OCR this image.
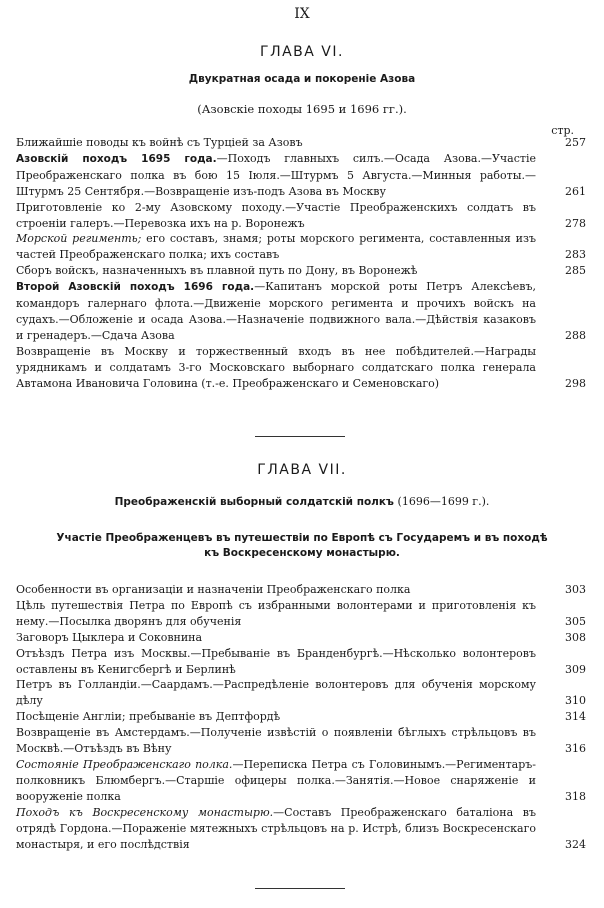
IX
ГЛАВА VI.
Двукратная осада и покореніе Азова
(Азовскіе походы 1695 и 1696 гг.).
стр.
Ближайшіе поводы къ войнѣ съ Турціей за Азовъ	257
Азовскій походъ 1695 года.—Походъ главныхъ силъ.—Осада Азова.—Участіе Преображенскаго полка въ бою 15 Іюля.—Штурмъ 5 Августа.—Минныя работы.—Штурмъ 25 Сентября.—Возвращеніе изъ-подъ Азова въ Москву	261
Приготовленіе ко 2-му Азовскому походу.—Участіе Преображенскихъ солдатъ въ строеніи галеръ.—Перевозка ихъ на р. Воронежъ	278
Морской регименть; его составъ, знамя; роты морского регимента, составленныя изъ частей Преображенскаго полка; ихъ составъ	283
Сборъ войскъ, назначенныхъ въ плавной путь по Дону, въ Воронежѣ	285
Второй Азовскій походъ 1696 года.—Капитанъ морской роты Петръ Алексѣевъ, командоръ галернаго флота.—Движеніе морского регимента и прочихъ войскъ на судахъ.—Обложеніе и осада Азова.—Назначеніе подвижного вала.—Дѣйствія казаковъ и гренадеръ.—Сдача Азова	288
Возвращеніе въ Москву и торжественный входъ въ нее побѣдителей.—Награды урядникамъ и солдатамъ 3-го Московскаго выборнаго солдатскаго полка генерала Автамона Ивановича Головина (т.-е. Преображенскаго и Семеновскаго)	298
ГЛАВА VII.
Преображенскій выборный солдатскій полкъ (1696—1699 г.).
Участіе Преображенцевъ въ путешествіи по Европѣ съ Государемъ и въ походѣ
къ Воскресенскому монастырю.
Особенности въ организаціи и назначеніи Преображенскаго полка	303
Цѣль путешествія Петра по Европѣ съ избранными волонтерами и приготовленія къ нему.—Посылка дворянъ для обученія	305
Заговоръ Цыклера и Соковнина	308
Отъѣздъ Петра изъ Москвы.—Пребываніе въ Бранденбургѣ.—Нѣсколько волонтеровъ оставлены въ Кенигсбергѣ и Берлинѣ	309
Петръ въ Голландіи.—Саардамъ.—Распредѣленіе волонтеровъ для обученія морскому дѣлу	310
Посѣщеніе Англіи; пребываніе въ Дептфордѣ	314
Возвращеніе въ Амстердамъ.—Полученіе извѣстій о появленіи бѣглыхъ стрѣльцовъ въ Москвѣ.—Отъѣздъ въ Вѣну	316
Состояніе Преображенскаго полка.—Переписка Петра съ Головинымъ.—Региментаръ-полковникъ Блюмбергъ.—Старшіе офицеры полка.—Занятія.—Новое снаряженіе и вооруженіе полка	318
Походъ къ Воскресенскому монастырю.—Составъ Преображенскаго баталіона въ отрядѣ Гордона.—Пораженіе мятежныхъ стрѣльцовъ на р. Истрѣ, близъ Воскресенскаго монастыря, и его послѣдствія	324
